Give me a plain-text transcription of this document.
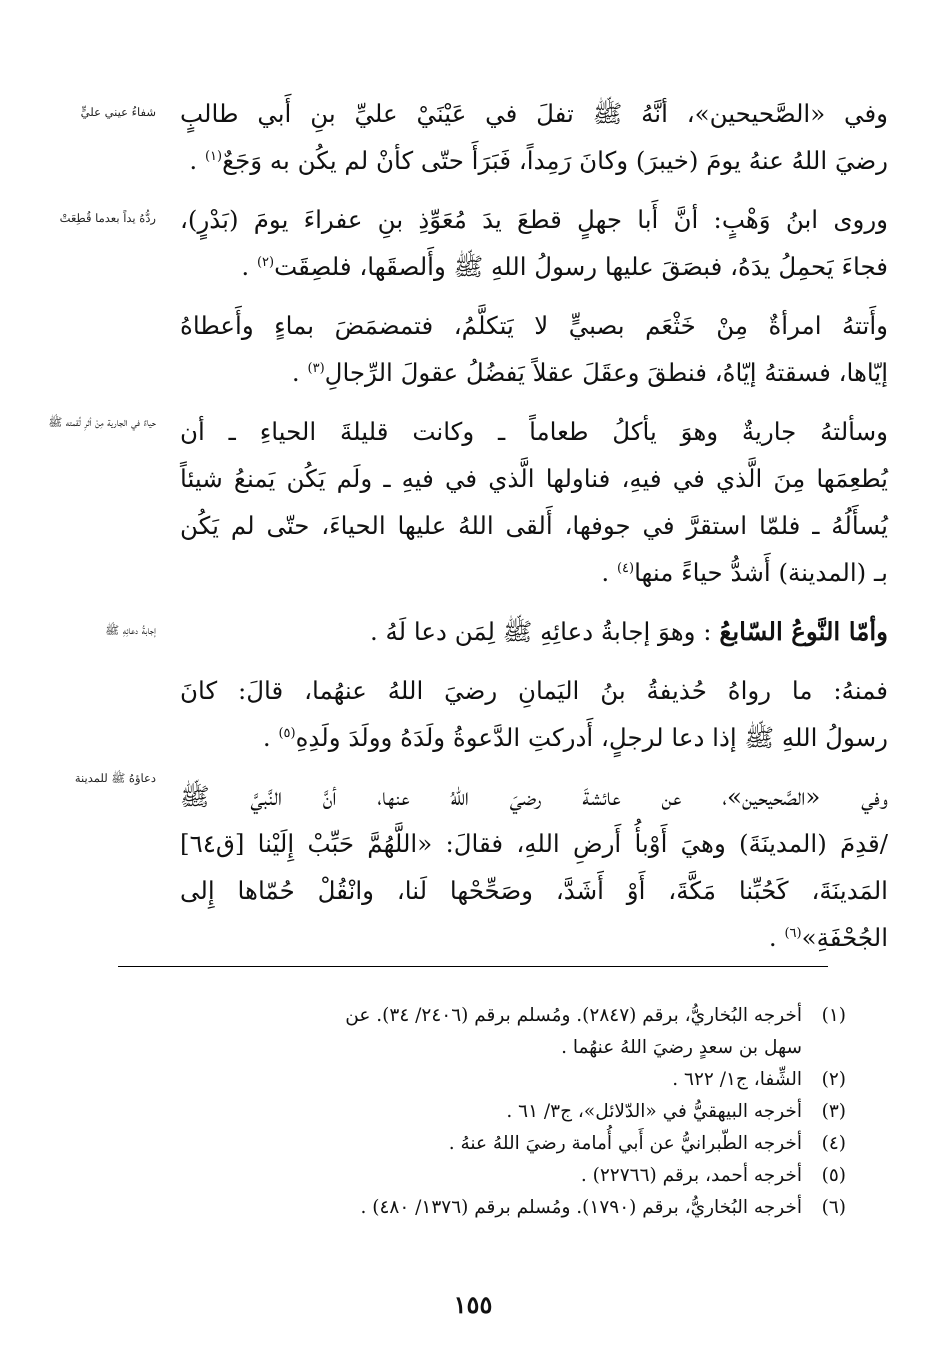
شفاءُ عيني عليٍّ
ردُّهُ يداً بعدما قُطِعَتْ
حياءٌ في الجارية مِنْ أثرِ لُقمته ﷺ
إجابةُ دعائِهِ ﷺ
دعاؤهُ ﷺ للمدينة
وفي «الصَّحيحين»، أنَّهُ ﷺ تفلَ في عَيْنَيْ عليِّ بنِ أَبي طالبٍ
رضيَ اللهُ عنهُ يومَ (خيبرَ) وكانَ رَمِداً، فَبَرَأَ حتّى كأنْ لم يكُن به وَجَعٌ$^{(١)}$ .
وروى ابنُ وَهْبٍ: أنَّ أَبا جهلٍ قطعَ يدَ مُعَوِّذِ بنِ عفراءَ يومَ (بَدْرٍ)،
فجاءَ يَحمِلُ يدَهُ، فبصَقَ عليها رسولُ اللهِ ﷺ وأَلصقَها، فلصِقَت$^{(٢)}$ .
وأَتتهُ امرأةٌ مِنْ خَثْعَم بصبيٍّ لا يَتكلَّمُ، فتمضمَضَ بماءٍ وأَعطاهُ
إيّاها، فسقتهُ إيّاهُ، فنطقَ وعقَلَ عقلاً يَفضُلُ عقولَ الرِّجالِ$^{(٣)}$ .
وسألتهُ جاريةٌ وهوَ يأكلُ طعاماً ـ وكانت قليلةَ الحياءِ ـ أن
يُطعِمَها مِنَ الَّذي في فيهِ، فناولها الَّذي في فيهِ ـ ولَم يَكُن يَمنعُ شيئاً
يُسأَلُهُ ـ فلمّا استقرَّ في جوفها، أَلقى اللهُ عليها الحياءَ، حتّى لم يَكُن
بـ (المدينة) أَشدُّ حياءً منها$^{(٤)}$ .
وأمّا النَّوعُ السّابعُ : وهوَ إجابةُ دعائِهِ ﷺ لِمَن دعا لَهُ .
فمنهُ: ما رواهُ حُذيفةُ بنُ اليَمانِ رضيَ اللهُ عنهُما، قالَ: كانَ
رسولُ اللهِ ﷺ إذا دعا لرجلٍ، أَدركتِ الدَّعوةُ ولَدَهُ وولَدَ ولَدِهِ$^{(٥)}$ .
وفي «الصَّحيحين»، عن عائشةَ رضيَ اللهُ عنها، أنَّ النَّبيَّ ﷺ
/قدِمَ (المدينَةَ) وهيَ أَوْبأُ أَرضِ اللهِ، فقالَ: «اللَّهُمَّ حَبِّبْ إِلَيْنا [ق٦٤]
المَدينَةَ، كَحُبِّنا مَكَّةَ، أَوْ أَشَدَّ، وصَحِّحْها لَنا، وانْقُلْ حُمّاها إِلى
الجُحْفَةِ»$^{(٦)}$ .
(١)
أخرجه البُخاريُّ، برقم (٢٨٤٧). ومُسلم برقم (٢٤٠٦/ ٣٤). عن
سهل بن سعدٍ رضيَ اللهُ عنهُما .
(٢)
الشِّفا، ج١/ ٦٢٢ .
(٣)
أخرجه البيهقيُّ في «الدّلائل»، ج٣/ ٦١ .
(٤)
أخرجه الطّبرانيُّ عن أَبي أُمامة رضيَ اللهُ عنهُ .
(٥)
أخرجه أحمد، برقم (٢٢٧٦٦) .
(٦)
أخرجه البُخاريُّ، برقم (١٧٩٠). ومُسلم برقم (١٣٧٦/ ٤٨٠) .
١٥٥
